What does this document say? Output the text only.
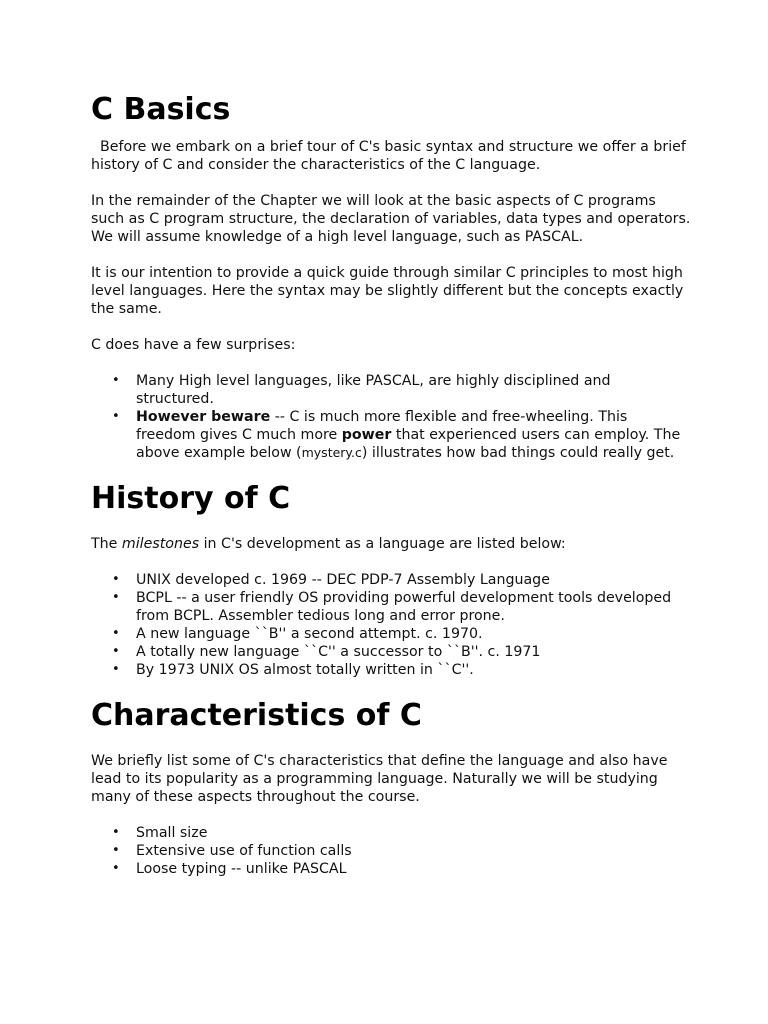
C Basics

Before we embark on a brief tour of C's basic syntax and structure we offer a brief history of C and consider the characteristics of the C language.

In the remainder of the Chapter we will look at the basic aspects of C programs such as C program structure, the declaration of variables, data types and operators. We will assume knowledge of a high level language, such as PASCAL.

It is our intention to provide a quick guide through similar C principles to most high level languages. Here the syntax may be slightly different but the concepts exactly the same.

C does have a few surprises:

• Many High level languages, like PASCAL, are highly disciplined and structured.
• However beware -- C is much more flexible and free-wheeling. This freedom gives C much more power that experienced users can employ. The above example below (mystery.c) illustrates how bad things could really get.
History of C

The milestones in C's development as a language are listed below:

• UNIX developed c. 1969 -- DEC PDP-7 Assembly Language
• BCPL -- a user friendly OS providing powerful development tools developed from BCPL. Assembler tedious long and error prone.
• A new language ``B'' a second attempt. c. 1970.
• A totally new language ``C'' a successor to ``B''. c. 1971
• By 1973 UNIX OS almost totally written in ``C''.
Characteristics of C

We briefly list some of C's characteristics that define the language and also have lead to its popularity as a programming language. Naturally we will be studying many of these aspects throughout the course.

• Small size
• Extensive use of function calls
• Loose typing -- unlike PASCAL
